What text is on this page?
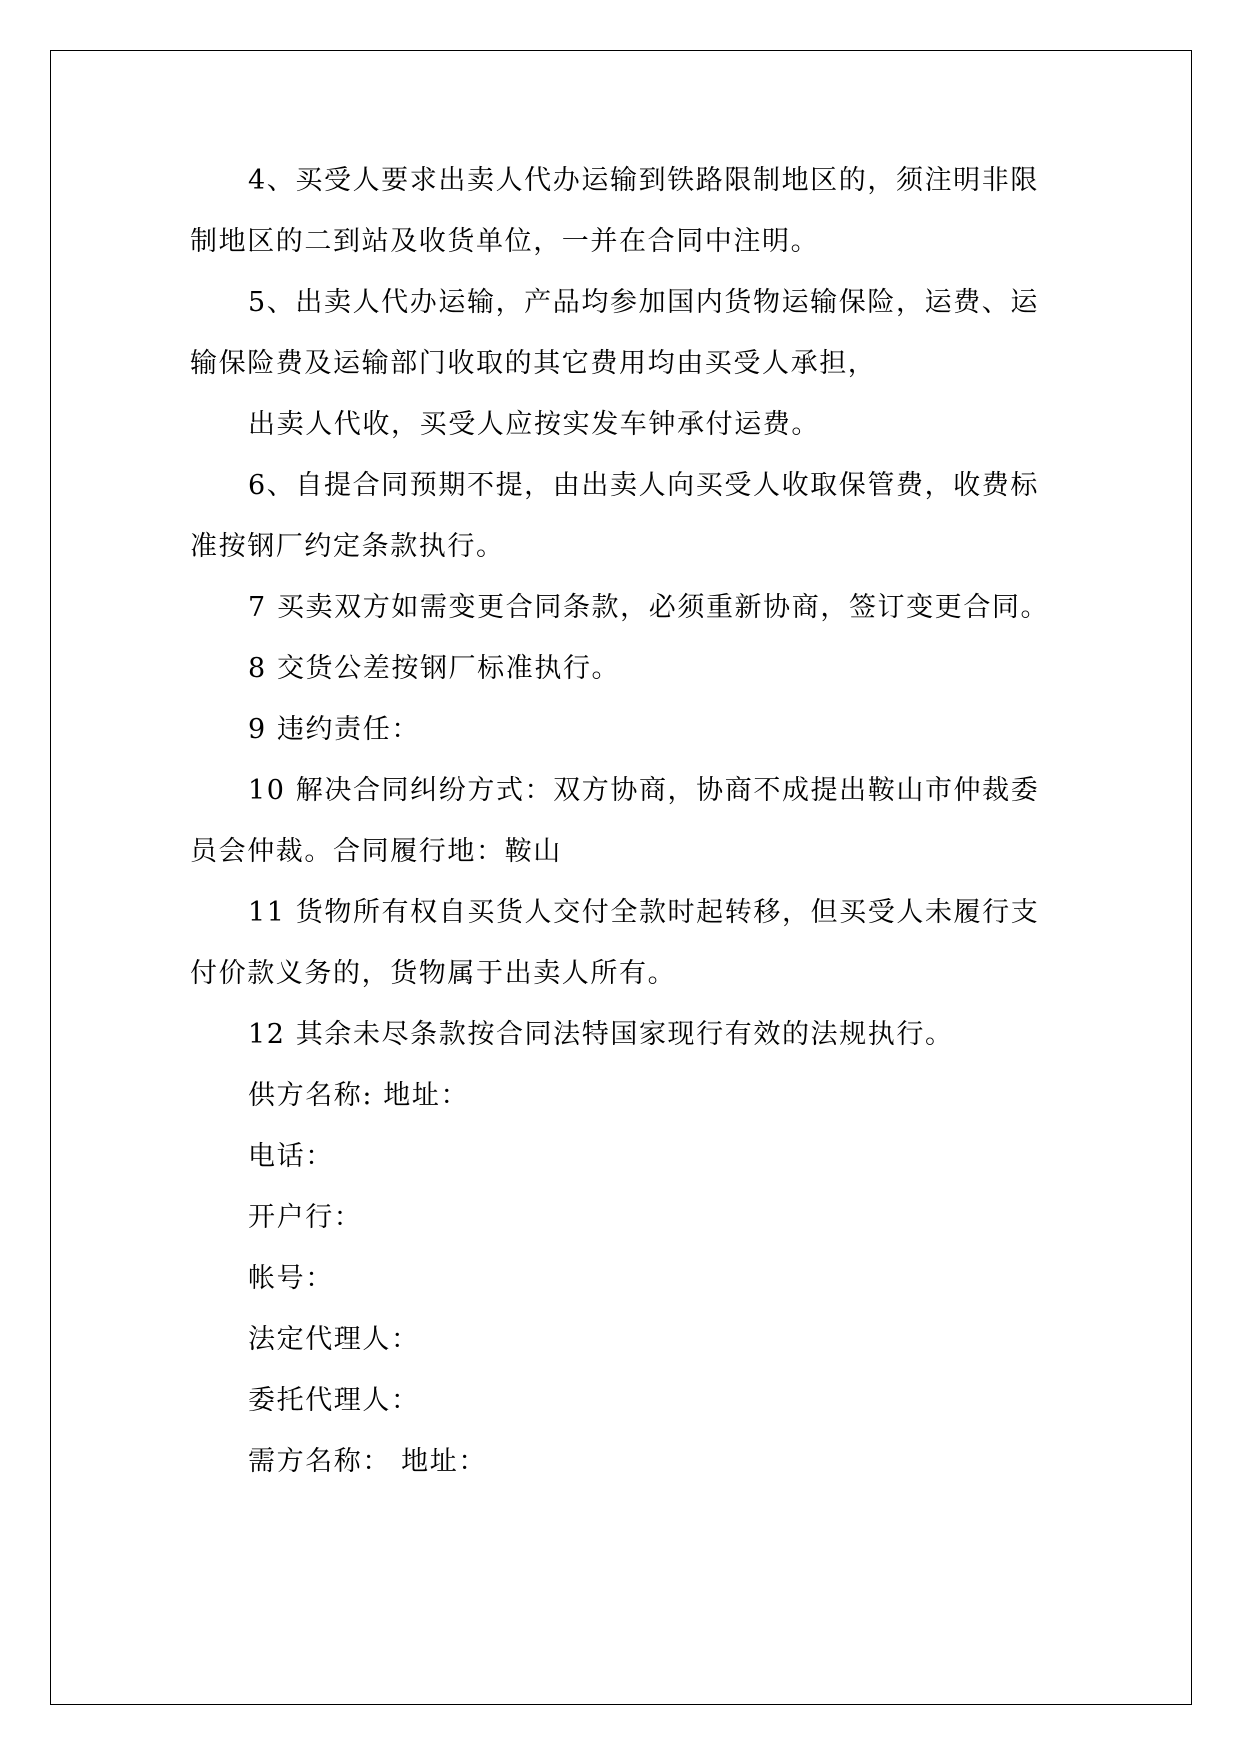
4、买受人要求出卖人代办运输到铁路限制地区的，须注明非限
制地区的二到站及收货单位，一并在合同中注明。
5、出卖人代办运输，产品均参加国内货物运输保险，运费、运
输保险费及运输部门收取的其它费用均由买受人承担，
出卖人代收，买受人应按实发车钟承付运费。
6、自提合同预期不提，由出卖人向买受人收取保管费，收费标
准按钢厂约定条款执行。
7 买卖双方如需变更合同条款，必须重新协商，签订变更合同。
8 交货公差按钢厂标准执行。
9 违约责任：
10 解决合同纠纷方式：双方协商，协商不成提出鞍山市仲裁委
员会仲裁。合同履行地：鞍山
11 货物所有权自买货人交付全款时起转移，但买受人未履行支
付价款义务的，货物属于出卖人所有。
12 其余未尽条款按合同法特国家现行有效的法规执行。
供方名称: 地址：
电话：
开户行：
帐号：
法定代理人：
委托代理人：
需方名称： 地址：
